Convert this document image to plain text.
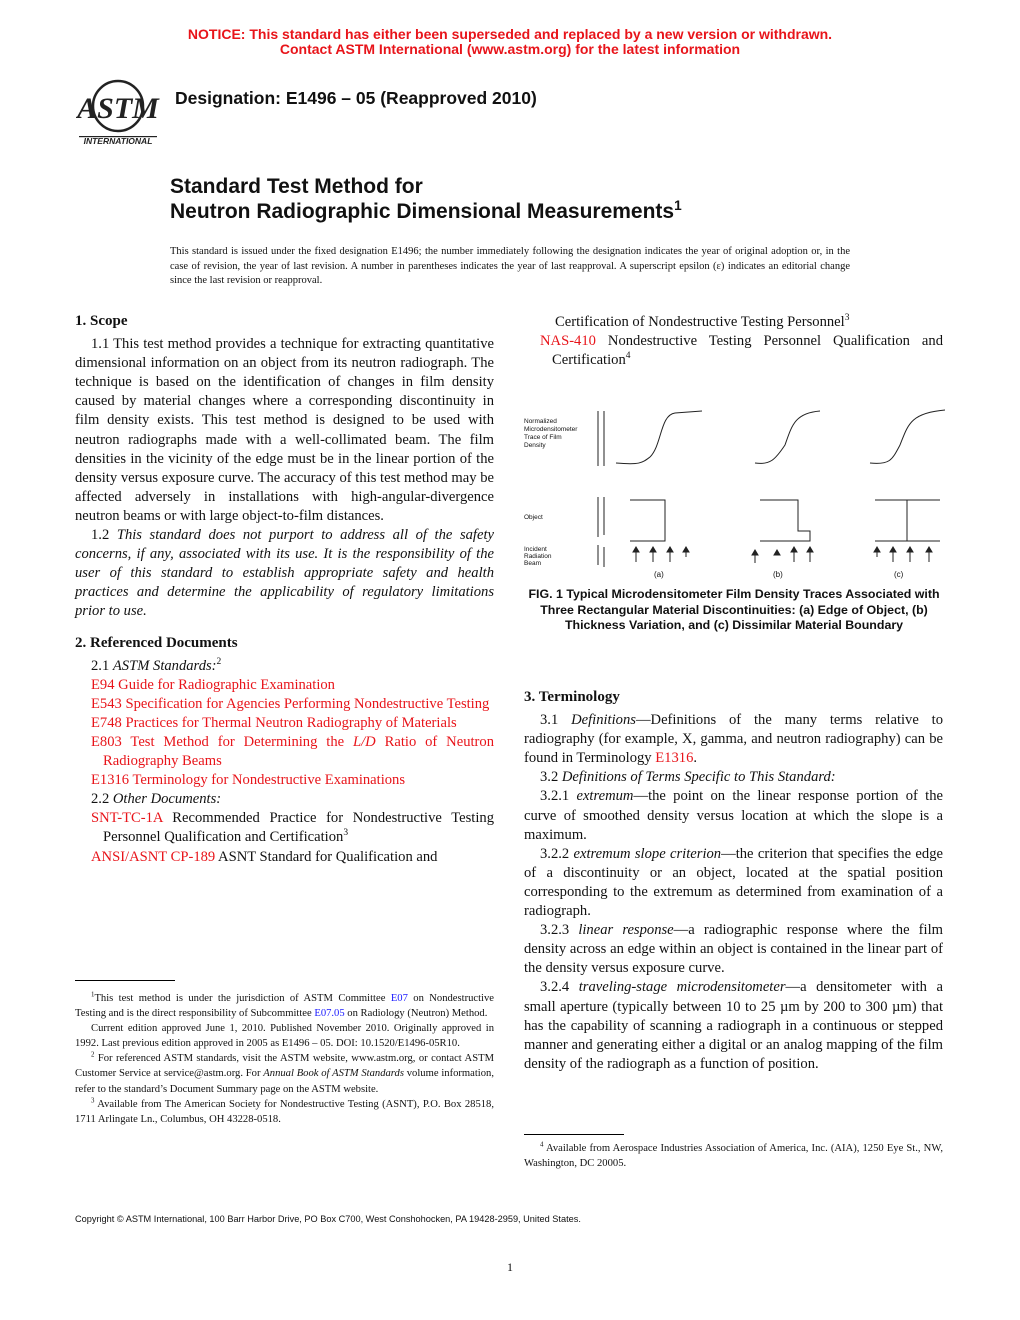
NOTICE: This standard has either been superseded and replaced by a new version or withdrawn.
Contact ASTM International (www.astm.org) for the latest information
ASTM
INTERNATIONAL
Designation: E1496 – 05 (Reapproved 2010)
Standard Test Method for
Neutron Radiographic Dimensional Measurements$^1$
This standard is issued under the fixed designation E1496; the number immediately following the designation indicates the year of original adoption or, in the case of revision, the year of last revision. A number in parentheses indicates the year of last reapproval. A superscript epsilon (ε) indicates an editorial change since the last revision or reapproval.

1. Scope

1.1 This test method provides a technique for extracting quantitative dimensional information on an object from its neutron radiograph. The technique is based on the identification of changes in film density caused by material changes where a corresponding discontinuity in film density exists. This test method is designed to be used with neutron radiographs made with a well-collimated beam. The film densities in the vicinity of the edge must be in the linear portion of the density versus exposure curve. The accuracy of this test method may be affected adversely in installations with high-angular-divergence neutron beams or with large object-to-film distances.

1.2 This standard does not purport to address all of the safety concerns, if any, associated with its use. It is the responsibility of the user of this standard to establish appropriate safety and health practices and determine the applicability of regulatory limitations prior to use.

2. Referenced Documents

2.1 ASTM Standards:$^2$

E94 Guide for Radiographic Examination

E543 Specification for Agencies Performing Nondestructive Testing

E748 Practices for Thermal Neutron Radiography of Materials

E803 Test Method for Determining the L/D Ratio of Neutron Radiography Beams

E1316 Terminology for Nondestructive Examinations

2.2 Other Documents:

SNT-TC-1A Recommended Practice for Nondestructive Testing Personnel Qualification and Certification$^3$

ANSI/ASNT CP-189 ASNT Standard for Qualification and

Certification of Nondestructive Testing Personnel$^3$

NAS-410 Nondestructive Testing Personnel Qualification and Certification$^4$

Normalized
Microdensitometer
Trace of Film
Density
Object
Incident
Radiation
Beam
(a)	(b)	(c)
FIG. 1 Typical Microdensitometer Film Density Traces Associated with Three Rectangular Material Discontinuities: (a) Edge of Object, (b) Thickness Variation, and (c) Dissimilar Material Boundary

3. Terminology

3.1 Definitions—Definitions of the many terms relative to radiography (for example, X, gamma, and neutron radiography) can be found in Terminology E1316.

3.2 Definitions of Terms Specific to This Standard:

3.2.1 extremum—the point on the linear response portion of the curve of smoothed density versus location at which the slope is a maximum.

3.2.2 extremum slope criterion—the criterion that specifies the edge of a discontinuity or an object, located at the spatial position corresponding to the extremum as determined from examination of a radiograph.

3.2.3 linear response—a radiographic response where the film density across an edge within an object is contained in the linear part of the density versus exposure curve.

3.2.4 traveling-stage microdensitometer—a densitometer with a small aperture (typically between 10 to 25 µm by 200 to 300 µm) that has the capability of scanning a radiograph in a continuous or stepped manner and generating either a digital or an analog mapping of the film density of the radiograph as a function of position.

$^1$This test method is under the jurisdiction of ASTM Committee E07 on Nondestructive Testing and is the direct responsibility of Subcommittee E07.05 on Radiology (Neutron) Method.

Current edition approved June 1, 2010. Published November 2010. Originally approved in 1992. Last previous edition approved in 2005 as E1496 – 05. DOI: 10.1520/E1496-05R10.

$^2$ For referenced ASTM standards, visit the ASTM website, www.astm.org, or contact ASTM Customer Service at service@astm.org. For Annual Book of ASTM Standards volume information, refer to the standard’s Document Summary page on the ASTM website.

$^3$ Available from The American Society for Nondestructive Testing (ASNT), P.O. Box 28518, 1711 Arlingate Ln., Columbus, OH 43228-0518.

$^4$ Available from Aerospace Industries Association of America, Inc. (AIA), 1250 Eye St., NW, Washington, DC 20005.

Copyright © ASTM International, 100 Barr Harbor Drive, PO Box C700, West Conshohocken, PA 19428-2959, United States.
1
